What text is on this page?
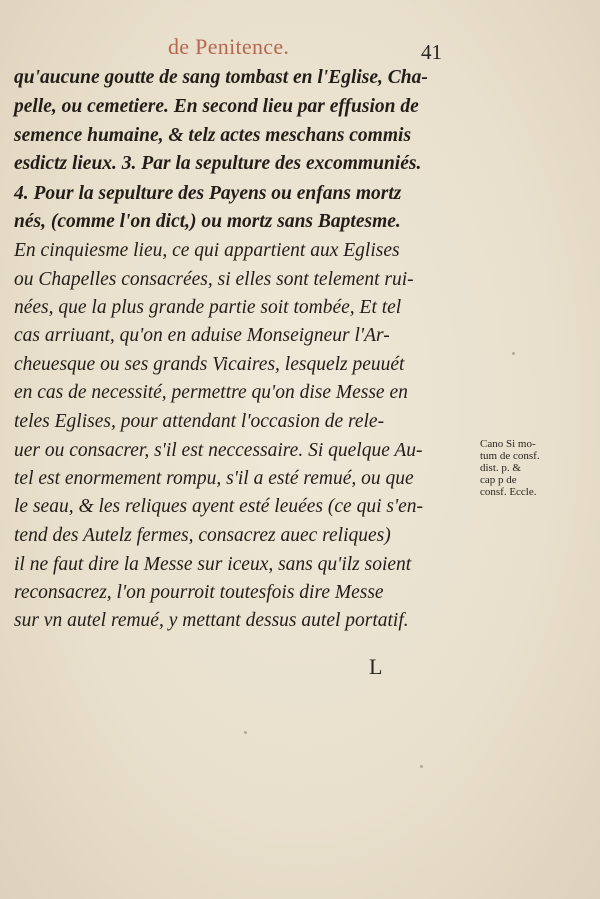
de Penitence.	41
qu'aucune goutte de sang tombast en l'Eglise, Cha-
pelle, ou cemetiere. En second lieu par effusion de
semence humaine, & telz actes meschans commis
esdictz lieux. 3. Par la sepulture des excommuniés.
4. Pour la sepulture des Payens ou enfans mortz
nés, (comme l'on dict,) ou mortz sans Baptesme.
En cinquiesme lieu, ce qui appartient aux Eglises
ou Chapelles consacrées, si elles sont telement rui-
nées, que la plus grande partie soit tombée, Et tel
cas arriuant, qu'on en aduise Monseigneur l'Ar-
cheuesque ou ses grands Vicaires, lesquelz peuuét
en cas de necessité, permettre qu'on dise Messe en
teles Eglises, pour attendant l'occasion de rele-
uer ou consacrer, s'il est neccessaire. Si quelque Au-
tel est enormement rompu, s'il a esté remué, ou que
le seau, & les reliques ayent esté leuées (ce qui s'en-
tend des Autelz fermes, consacrez auec reliques)
il ne faut dire la Messe sur iceux, sans qu'ilz soient
reconsacrez, l'on pourroit toutesfois dire Messe
sur vn autel remué, y mettant dessus autel portatif.
Cano Si mo-
tum de consf.
dist. p. &
cap p de
consf. Eccle.
L
